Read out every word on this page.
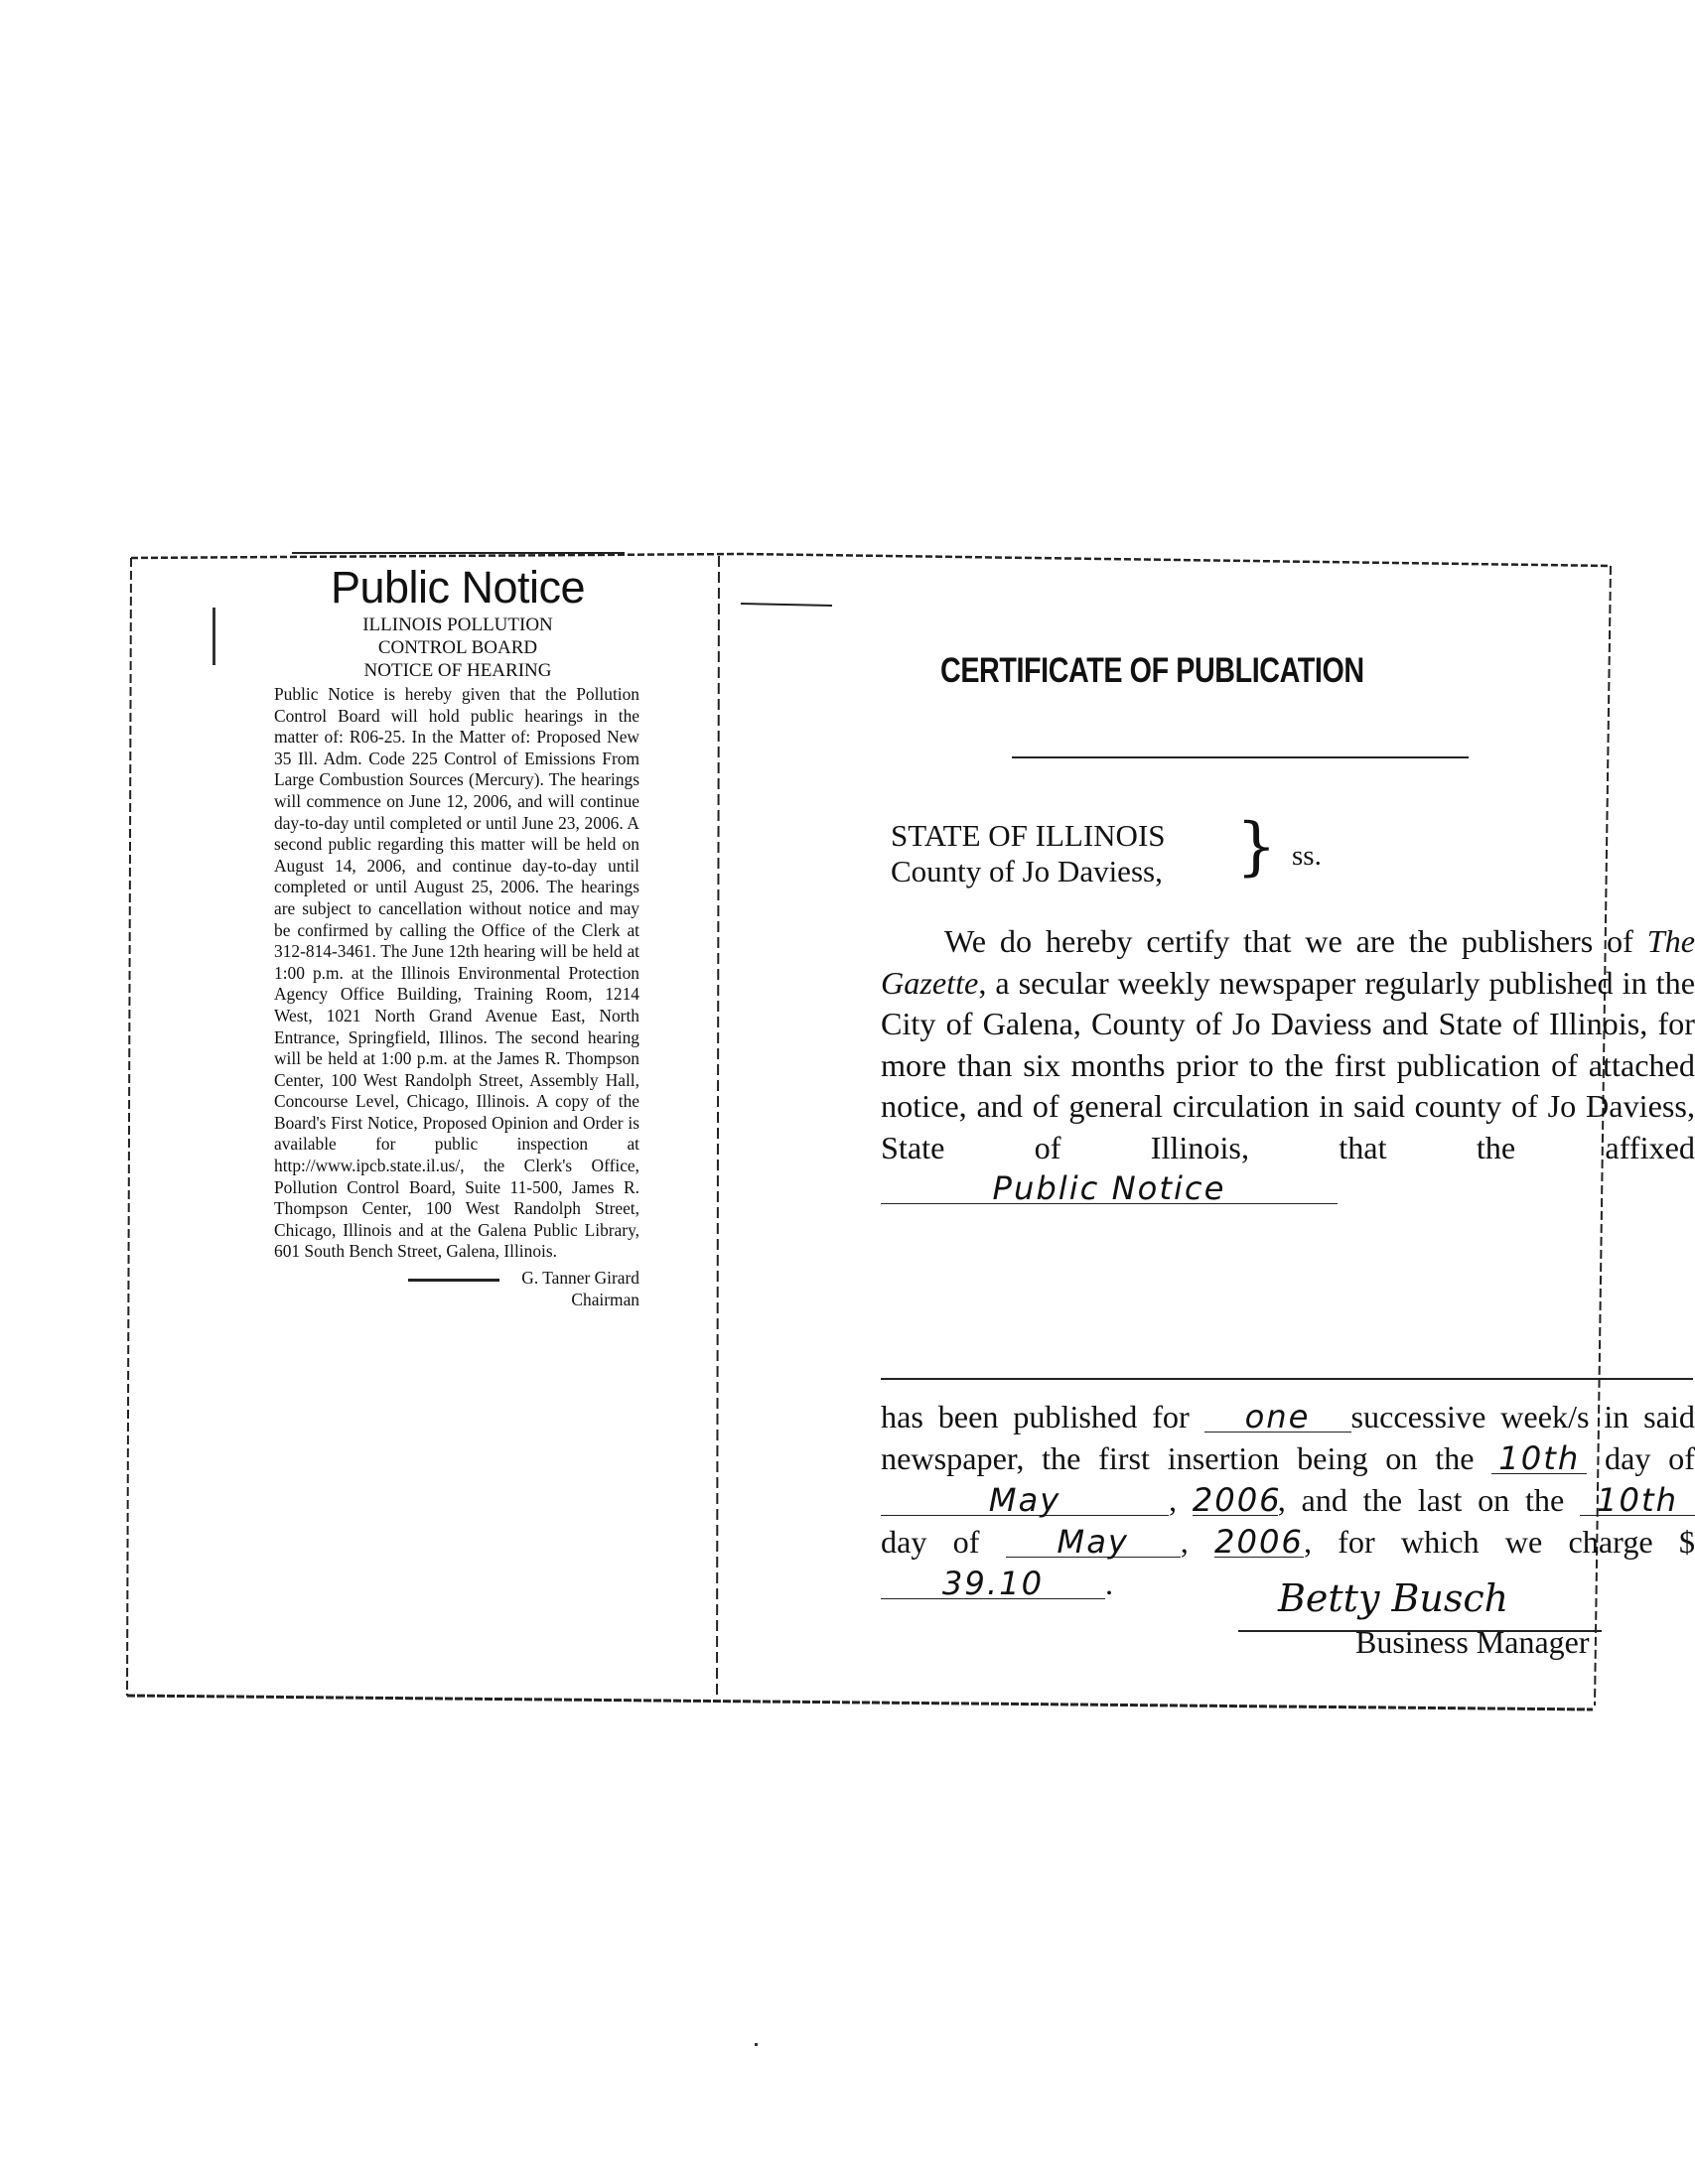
Public Notice
ILLINOIS POLLUTION
CONTROL BOARD
NOTICE OF HEARING
Public Notice is hereby given that the Pollution Control Board will hold public hearings in the matter of: R06-25. In the Matter of: Proposed New 35 Ill. Adm. Code 225 Control of Emissions From Large Combustion Sources (Mercury). The hearings will commence on June 12, 2006, and will continue day-to-day until completed or until June 23, 2006. A second public regarding this matter will be held on August 14, 2006, and continue day-to-day until completed or until August 25, 2006. The hearings are subject to cancellation without notice and may be confirmed by calling the Office of the Clerk at 312-814-3461. The June 12th hearing will be held at 1:00 p.m. at the Illinois Environmental Protection Agency Office Building, Training Room, 1214 West, 1021 North Grand Avenue East, North Entrance, Springfield, Illinos. The second hearing will be held at 1:00 p.m. at the James R. Thompson Center, 100 West Randolph Street, Assembly Hall, Concourse Level, Chicago, Illinois. A copy of the Board's First Notice, Proposed Opinion and Order is available for public inspection at http://www.ipcb.state.il.us/, the Clerk's Office, Pollution Control Board, Suite 11-500, James R. Thompson Center, 100 West Randolph Street, Chicago, Illinois and at the Galena Public Library, 601 South Bench Street, Galena, Illinois.
G. Tanner Girard
Chairman
CERTIFICATE OF PUBLICATION
STATE OF ILLINOIS
County of Jo Daviess, } ss.
We do hereby certify that we are the publishers of The Gazette, a secular weekly newspaper regularly published in the City of Galena, County of Jo Daviess and State of Illinois, for more than six months prior to the first publication of attached notice, and of general circulation in said county of Jo Daviess, State of Illinois, that the affixed Public Notice
has been published for one successive week/s in said newspaper, the first insertion being on the 10th day of May	, 2006, and the last on the 10th day of May , 2006, for which we charge $ 39.10 .	Betty Busch
Business Manager
